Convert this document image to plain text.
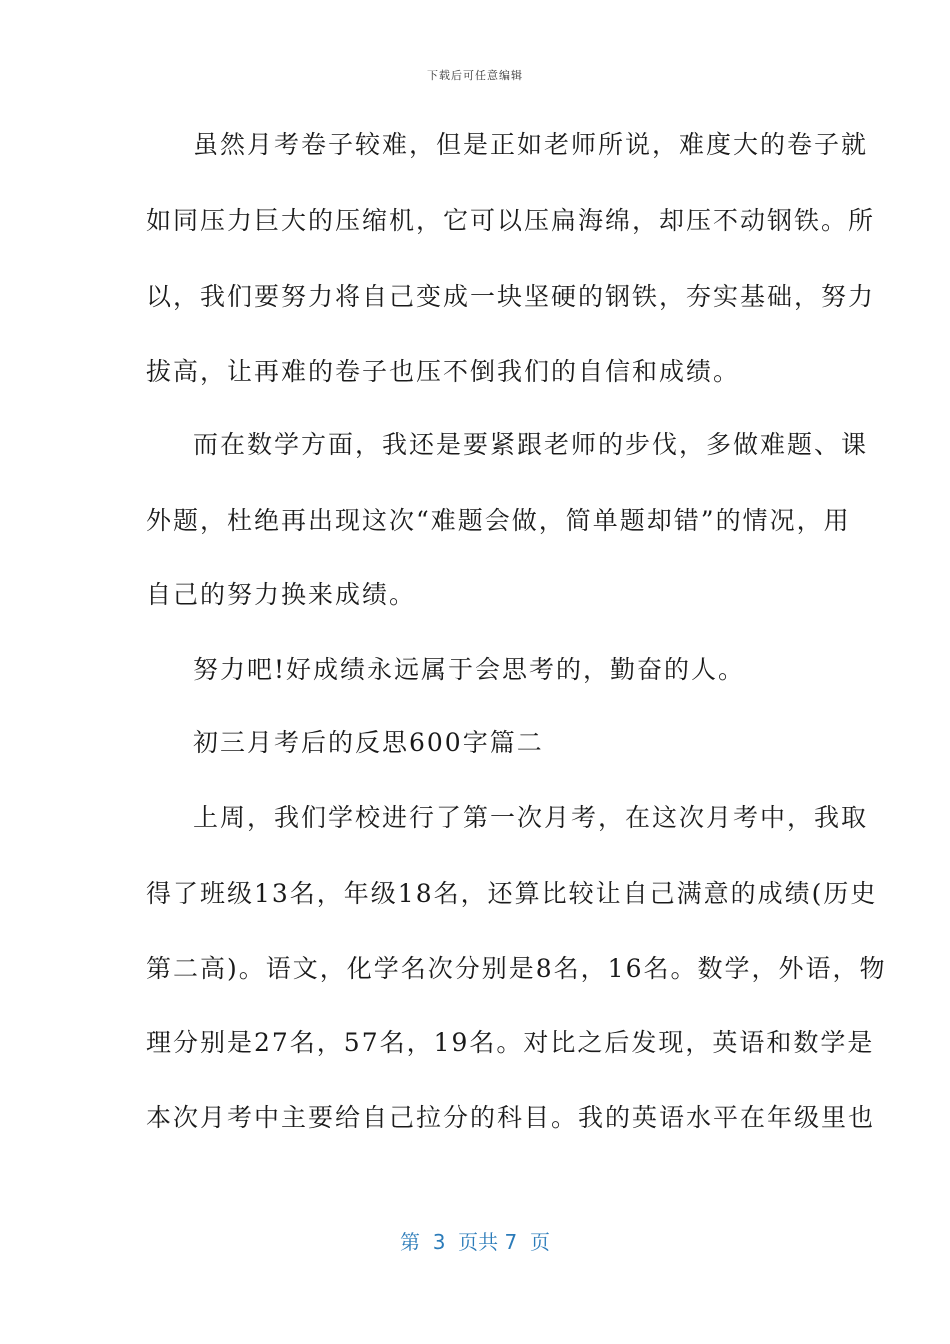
下载后可任意编辑
虽然月考卷子较难，但是正如老师所说，难度大的卷子就
如同压力巨大的压缩机，它可以压扁海绵，却压不动钢铁。所
以，我们要努力将自己变成一块坚硬的钢铁，夯实基础，努力
拔高，让再难的卷子也压不倒我们的自信和成绩。
而在数学方面，我还是要紧跟老师的步伐，多做难题、课
外题，杜绝再出现这次“难题会做，简单题却错”的情况，用
自己的努力换来成绩。
努力吧!好成绩永远属于会思考的，勤奋的人。
初三月考后的反思600字篇二
上周，我们学校进行了第一次月考，在这次月考中，我取
得了班级13名，年级18名，还算比较让自己满意的成绩(历史
第二高)。语文，化学名次分别是8名，16名。数学，外语，物
理分别是27名，57名，19名。对比之后发现，英语和数学是
本次月考中主要给自己拉分的科目。我的英语水平在年级里也
第  3  页共 7  页
